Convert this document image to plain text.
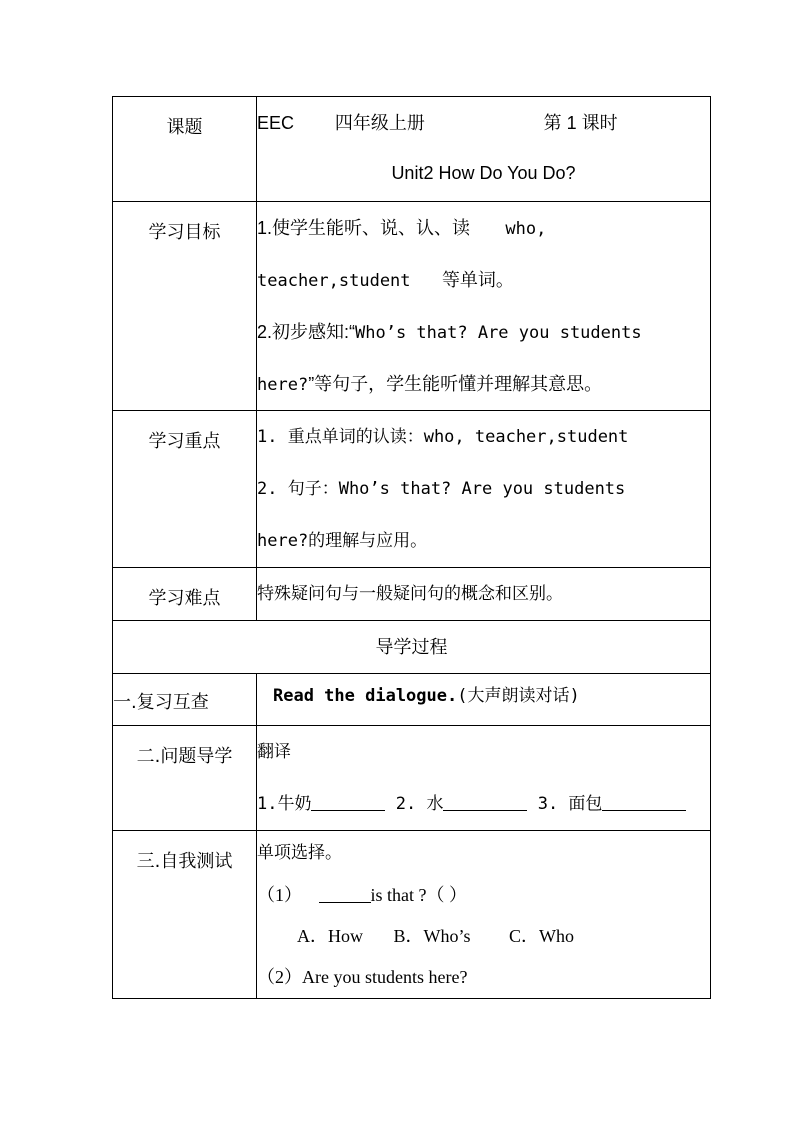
课题	EEC 四年级上册 第 1 课时
Unit2 How Do You Do?

学习目标	1.使学生能听、说、认、读 who,
teacher,student 等单词。
2.初步感知:“Who’s that? Are you students
here?”等句子，学生能听懂并理解其意思。

学习重点	1. 重点单词的认读：who, teacher,student
2. 句子：Who’s that? Are you students
here?的理解与应用。

学习难点	特殊疑问句与一般疑问句的概念和区别。

导学过程	

一.复习互查	Read the dialogue.(大声朗读对话)

二.问题导学	翻译
1.牛奶 2. 水 3. 面包

三.自我测试	单项选择。
（1） is that ?（ ）
A．How B．Who’s C．Who
（2）Are you students here?
